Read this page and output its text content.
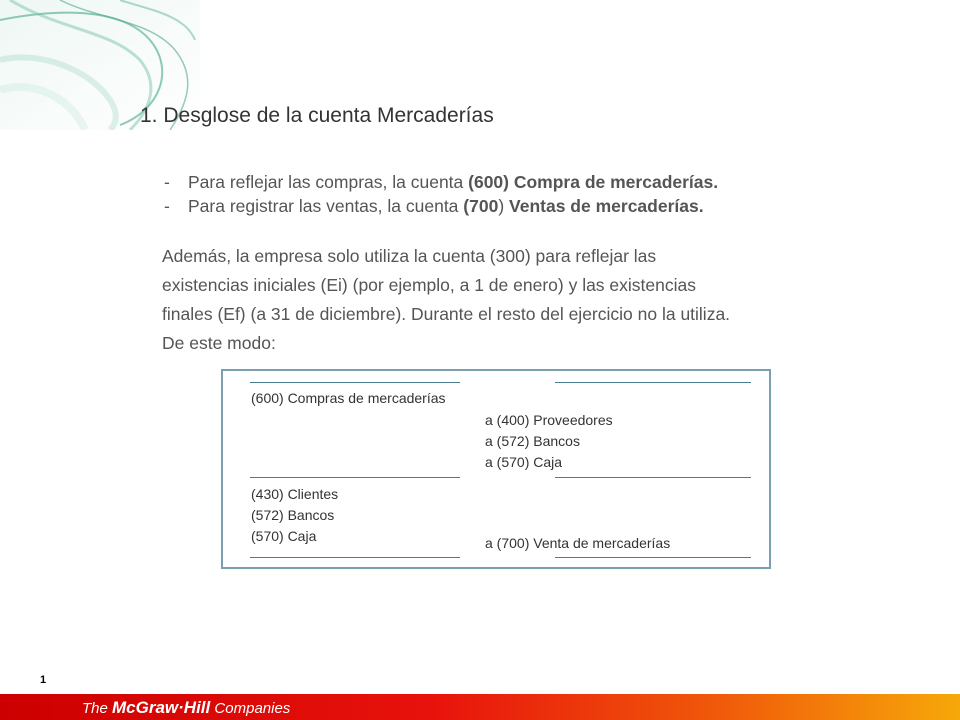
1. Desglose de la cuenta Mercaderías
- Para reflejar las compras, la cuenta (600) Compra de mercaderías.
- Para registrar las ventas, la cuenta (700) Ventas de mercaderías.
Además, la empresa solo utiliza la cuenta (300) para reflejar las
existencias iniciales (Ei) (por ejemplo, a 1 de enero) y las existencias
finales (Ef) (a 31 de diciembre). Durante el resto del ejercicio no la utiliza.
De este modo:
(600) Compras de mercaderías
a (400) Proveedores
a (572) Bancos
a (570) Caja
(430) Clientes
(572) Bancos
(570) Caja	a (700) Venta de mercaderías
1
The McGraw·Hill Companies
